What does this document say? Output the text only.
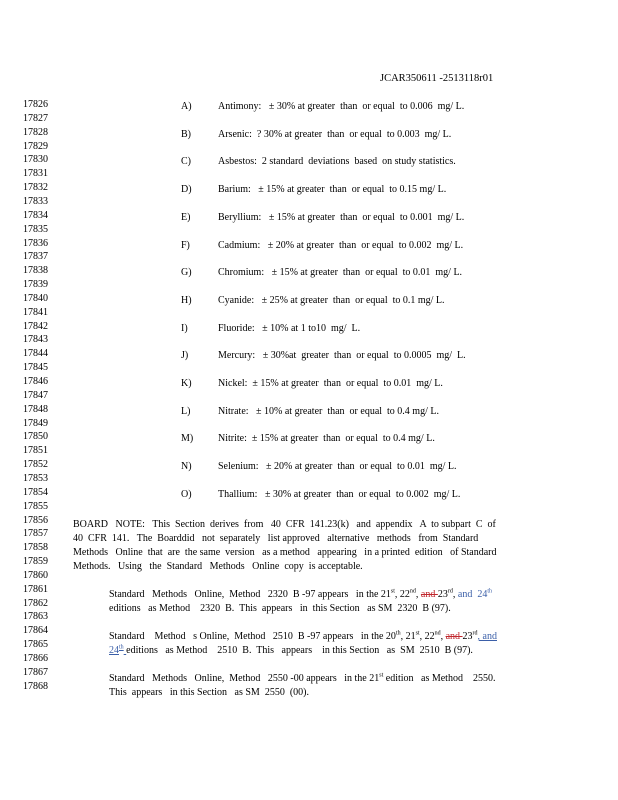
JCAR350611 -2513118r01
17826
17827
17828
17829
17830
17831
17832
17833
17834
17835
17836
17837
17838
17839
17840
17841
17842
17843
17844
17845
17846
17847
17848
17849
17850
17851
17852
17853
17854
17855
17856
17857
17858
17859
17860
17861
17862
17863
17864
17865
17866
17867
17868
A)	Antimony:   ± 30% at greater  than  or equal  to 0.006  mg/ L.
B)	Arsenic:  ? 30% at greater  than  or equal  to 0.003  mg/ L.
C)	Asbestos:  2 standard  deviations  based  on study statistics.
D)	Barium:   ± 15% at greater  than  or equal  to 0.15 mg/ L.
E)	Beryllium:   ± 15% at greater  than  or equal  to 0.001  mg/ L.
F)	Cadmium:   ± 20% at greater  than  or equal  to 0.002  mg/ L.
G)	Chromium:   ± 15% at greater  than  or equal  to 0.01  mg/ L.
H)	Cyanide:   ± 25% at greater  than  or equal  to 0.1 mg/ L.
I)	Fluoride:   ± 10% at 1 to10  mg/  L.
J)	Mercury:   ± 30%at  greater  than  or equal  to 0.0005  mg/  L.
K)	Nickel:  ± 15% at greater  than  or equal  to 0.01  mg/ L.
L)	Nitrate:   ± 10% at greater  than  or equal  to 0.4 mg/ L.
M)	Nitrite:  ± 15% at greater  than  or equal  to 0.4 mg/ L.
N)	Selenium:   ± 20% at greater  than  or equal  to 0.01  mg/ L.
O)	Thallium:   ± 30% at greater  than  or equal  to 0.002  mg/ L.
BOARD   NOTE:   This  Section  derives  from   40  CFR  141.23(k)   and  appendix   A  to subpart  C  of
40  CFR  141.   The  Boarddid   not  separately   list approved   alternative   methods   from  Standard
Methods   Online  that  are  the same  version   as a method   appearing   in a printed  edition   of Standard
Methods.   Using   the  Standard   Methods   Online  copy  is acceptable.
Standard   Methods   Online,  Method   2320  B -97 appears   in the 21st, 22nd, and 23rd, and  24th
editions   as Method    2320  B.  This  appears   in  this Section   as SM  2320  B (97).
Standard    Method   s Online,  Method   2510  B -97 appears   in the 20th, 21st, 22nd, and 23rd, and
24th editions   as Method    2510  B.  This   appears    in this Section   as  SM  2510  B (97).
Standard   Methods   Online,  Method   2550 -00 appears   in the 21st edition   as Method    2550.
This  appears   in this Section   as SM  2550  (00).
